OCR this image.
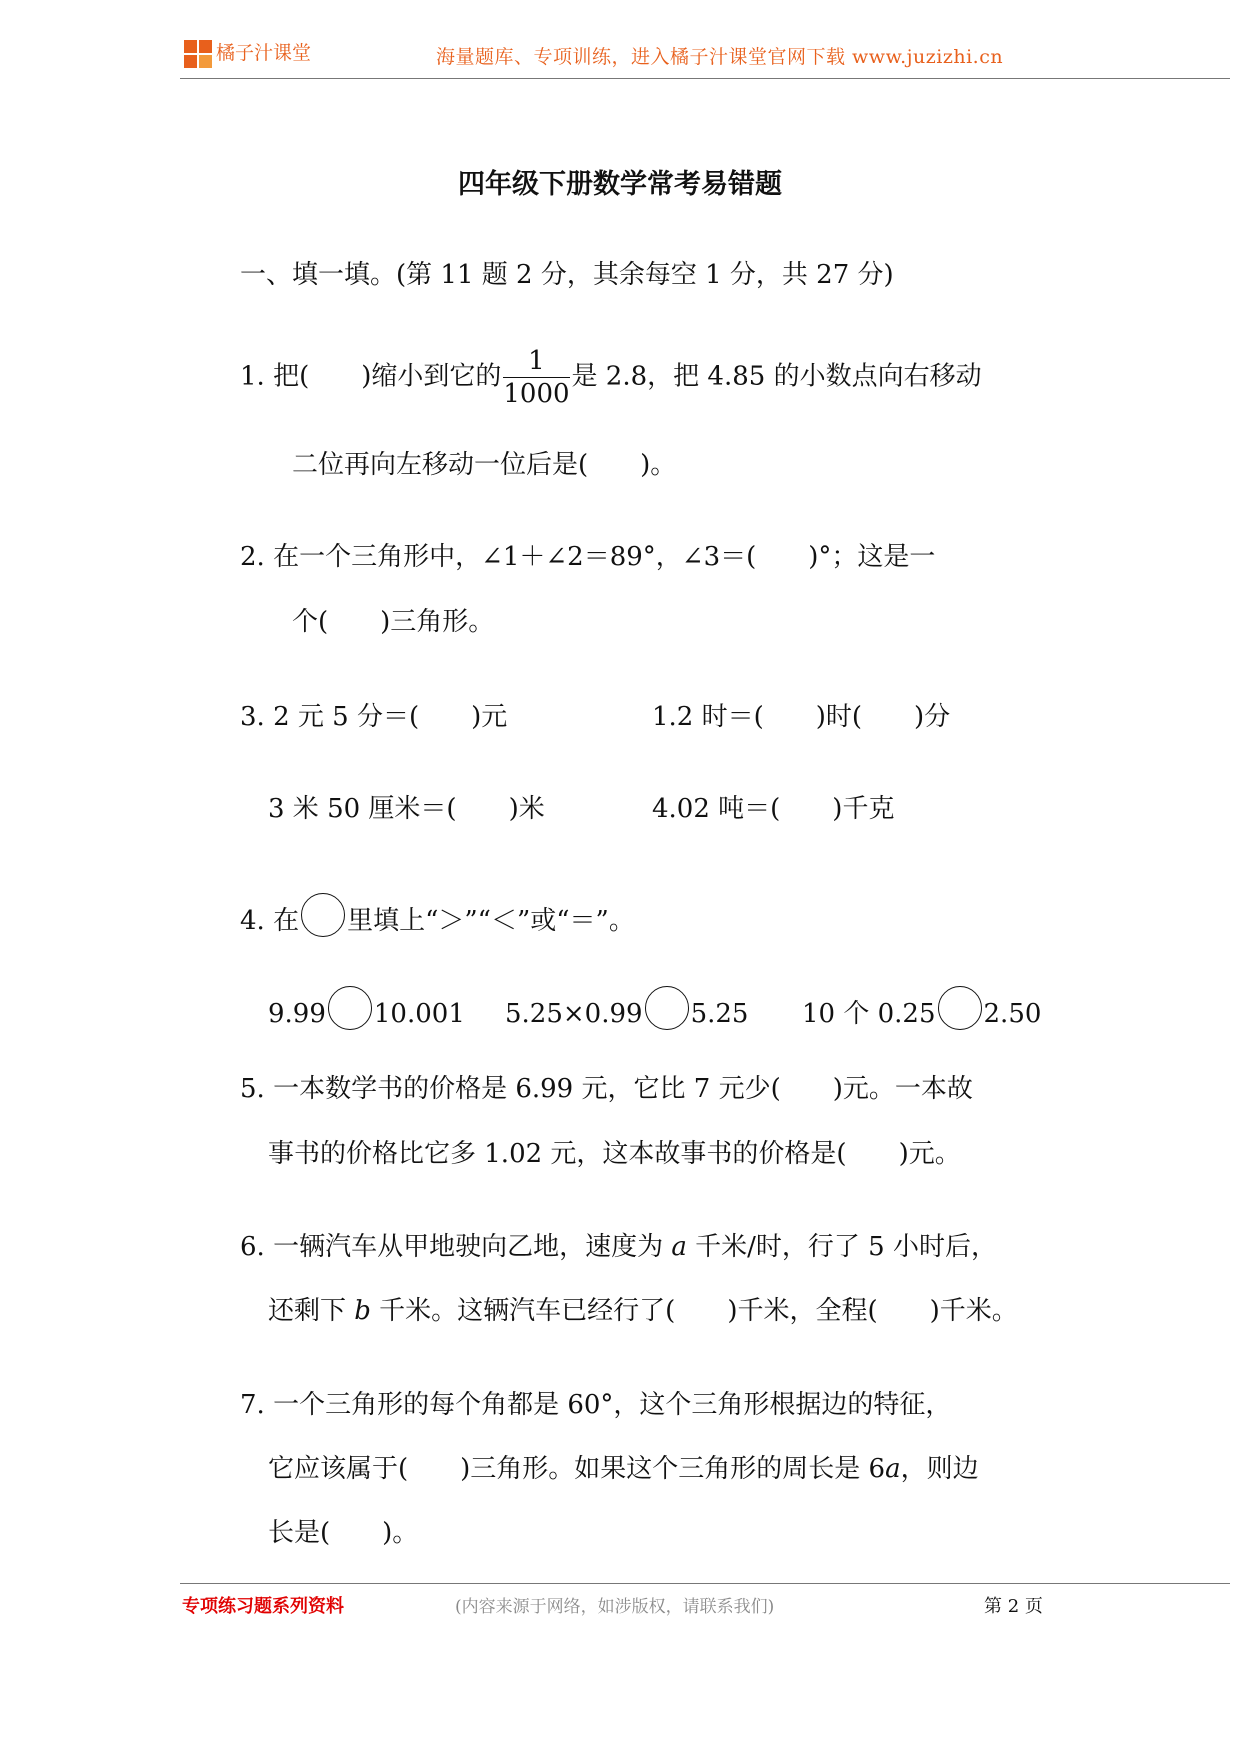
橘子汁课堂	海量题库、专项训练，进入橘子汁课堂官网下载 www.juzizhi.cn
四年级下册数学常考易错题
一、填一填。(第 11 题 2 分，其余每空 1 分，共 27 分)
1. 把(　　)缩小到它的 $\frac{1}{1000}$ 是 2.8，把 4.85 的小数点向右移动
二位再向左移动一位后是(　　)。
2. 在一个三角形中，∠1＋∠2＝89°，∠3＝(　　)°；这是一
个(　　)三角形。
3. 2 元 5 分＝(　　)元	1.2 时＝(　　)时(　　)分
3 米 50 厘米＝(　　)米	4.02 吨＝(　　)千克
4. 在 里填上“＞”“＜”或“＝”。
9.99 10.001 5.25×0.99 5.25 10 个 0.25 2.50
5. 一本数学书的价格是 6.99 元，它比 7 元少(　　)元。一本故
事书的价格比它多 1.02 元，这本故事书的价格是(　　)元。
6. 一辆汽车从甲地驶向乙地，速度为 a 千米/时，行了 5 小时后，
还剩下 b 千米。这辆汽车已经行了(　　)千米，全程(　　)千米。
7. 一个三角形的每个角都是 60°，这个三角形根据边的特征，
它应该属于(　　)三角形。如果这个三角形的周长是 6a，则边
长是(　　)。
专项练习题系列资料	(内容来源于网络，如涉版权，请联系我们)	第 2 页
